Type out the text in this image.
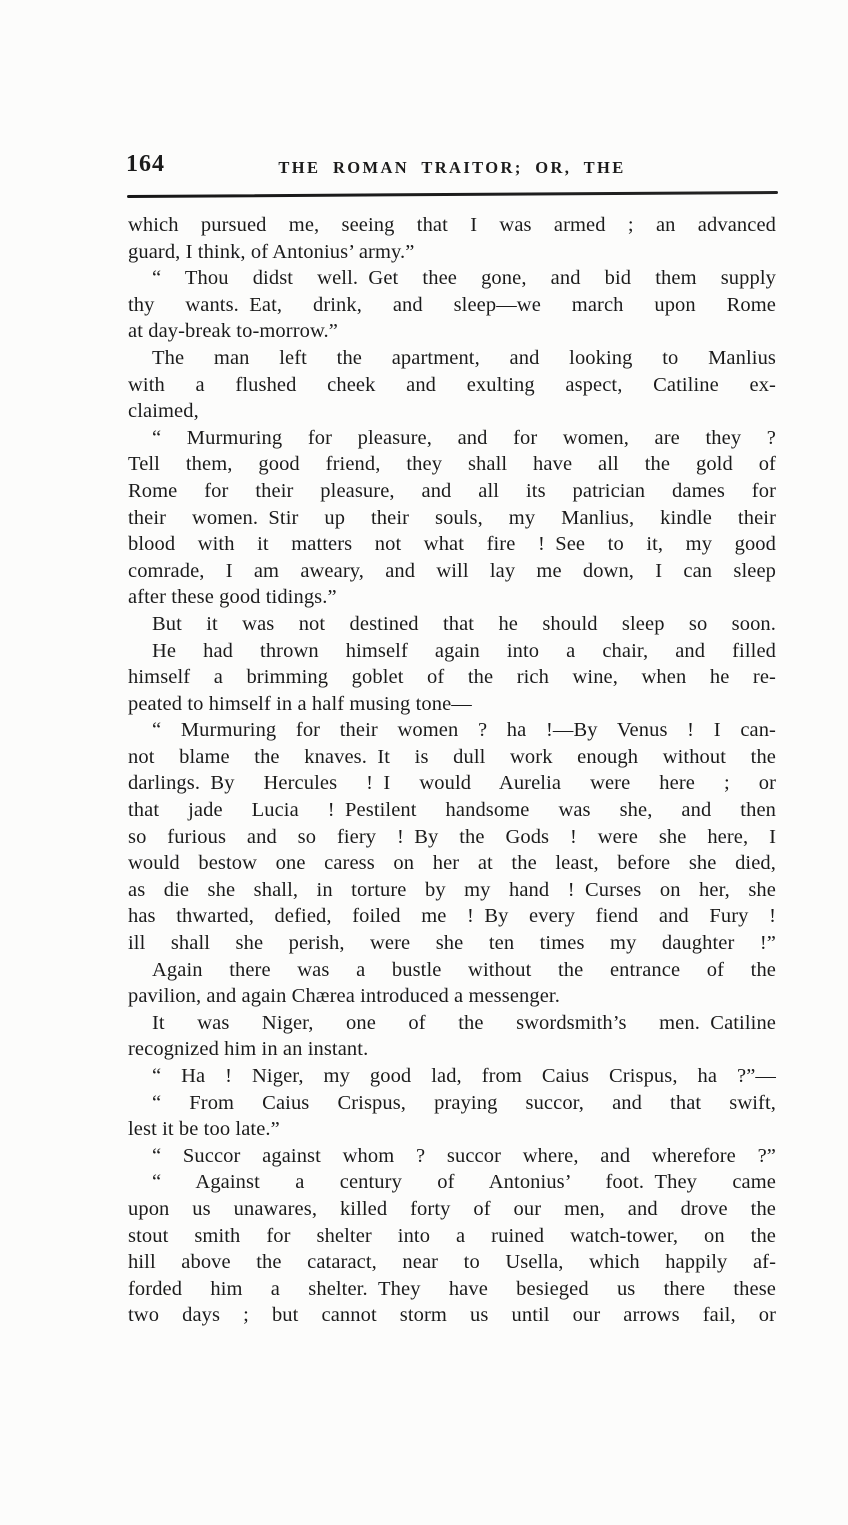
164	THE ROMAN TRAITOR; OR, THE
which pursued me, seeing that I was armed ; an advanced
guard, I think, of Antonius’ army.”
“ Thou didst well. Get thee gone, and bid them supply
thy wants. Eat, drink, and sleep—we march upon Rome
at day-break to-morrow.”
The man left the apartment, and looking to Manlius
with a flushed cheek and exulting aspect, Catiline ex-
claimed,
“ Murmuring for pleasure, and for women, are they ?
Tell them, good friend, they shall have all the gold of
Rome for their pleasure, and all its patrician dames for
their women. Stir up their souls, my Manlius, kindle their
blood with it matters not what fire ! See to it, my good
comrade, I am aweary, and will lay me down, I can sleep
after these good tidings.”
But it was not destined that he should sleep so soon.
He had thrown himself again into a chair, and filled
himself a brimming goblet of the rich wine, when he re-
peated to himself in a half musing tone—
“ Murmuring for their women ? ha !—By Venus ! I can-
not blame the knaves. It is dull work enough without the
darlings. By Hercules ! I would Aurelia were here ; or
that jade Lucia ! Pestilent handsome was she, and then
so furious and so fiery ! By the Gods ! were she here, I
would bestow one caress on her at the least, before she died,
as die she shall, in torture by my hand ! Curses on her, she
has thwarted, defied, foiled me ! By every fiend and Fury !
ill shall she perish, were she ten times my daughter !”
Again there was a bustle without the entrance of the
pavilion, and again Chærea introduced a messenger.
It was Niger, one of the swordsmith’s men. Catiline
recognized him in an instant.
“ Ha ! Niger, my good lad, from Caius Crispus, ha ?”—
“ From Caius Crispus, praying succor, and that swift,
lest it be too late.”
“ Succor against whom ? succor where, and wherefore ?”
“ Against a century of Antonius’ foot. They came
upon us unawares, killed forty of our men, and drove the
stout smith for shelter into a ruined watch-tower, on the
hill above the cataract, near to Usella, which happily af-
forded him a shelter. They have besieged us there these
two days ; but cannot storm us until our arrows fail, or
